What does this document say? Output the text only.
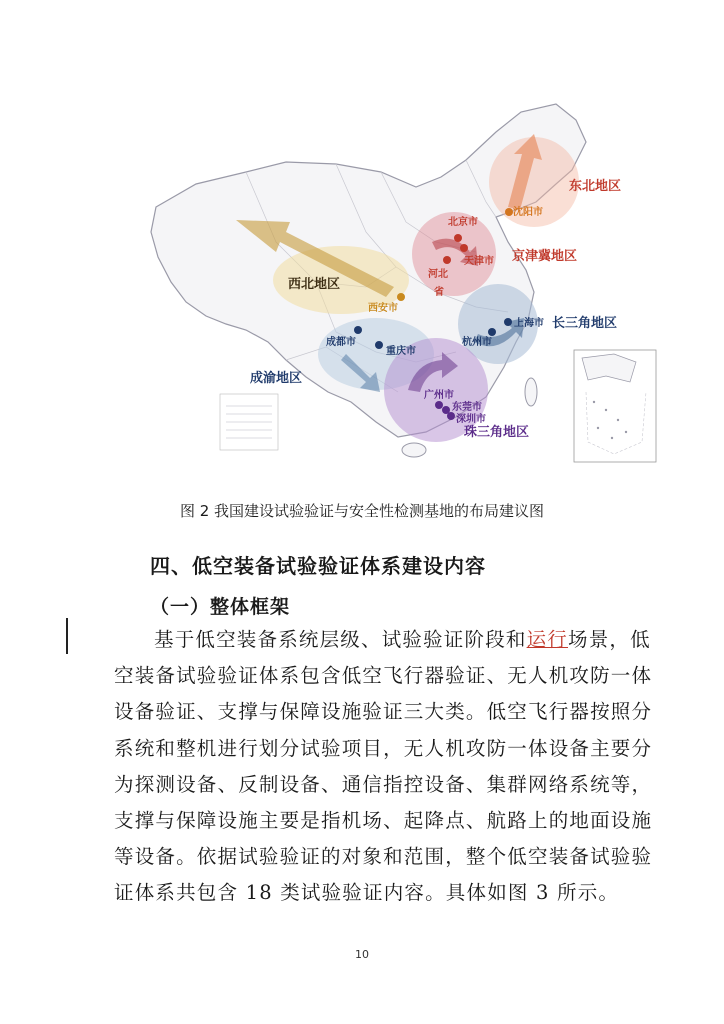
北京市
天津市
河北
省
沈阳市
西安市
上海市
杭州市
成都市
重庆市
广州市
东莞市
深圳市
东北地区
京津冀地区
西北地区
长三角地区
成渝地区
珠三角地区
图 2 我国建设试验验证与安全性检测基地的布局建议图
四、低空装备试验验证体系建设内容
（一）整体框架
基于低空装备系统层级、试验验证阶段和运行场景，低
空装备试验验证体系包含低空飞行器验证、无人机攻防一体
设备验证、支撑与保障设施验证三大类。低空飞行器按照分
系统和整机进行划分试验项目，无人机攻防一体设备主要分
为探测设备、反制设备、通信指控设备、集群网络系统等，
支撑与保障设施主要是指机场、起降点、航路上的地面设施
等设备。依据试验验证的对象和范围，整个低空装备试验验
证体系共包含 18 类试验验证内容。具体如图 3 所示。
10
